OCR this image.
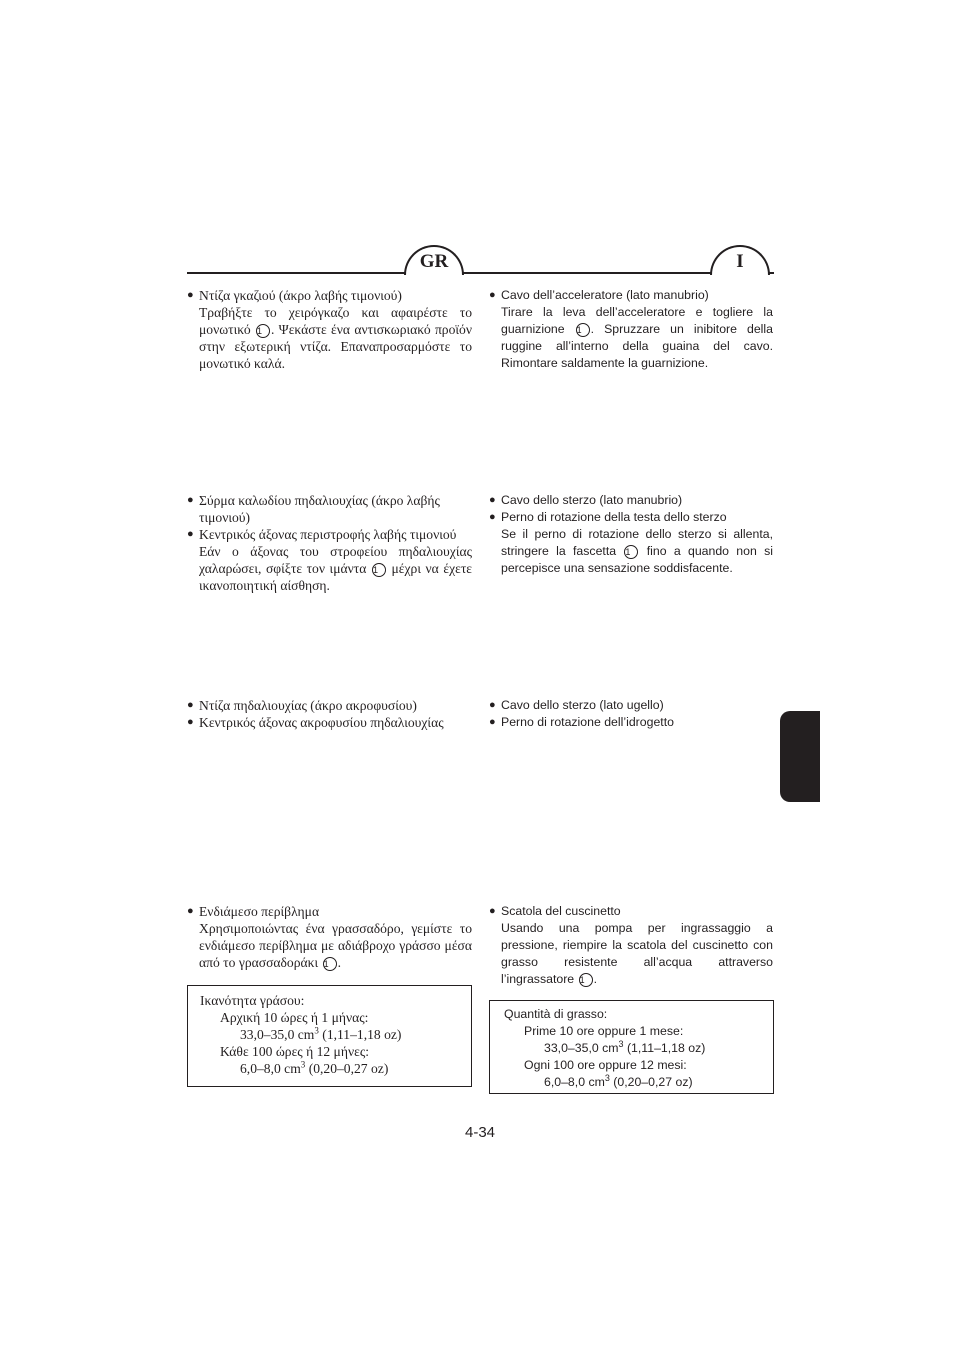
GR	I
● Ντίζα γκαζιού (άκρο λαβής τιμονιού)
Τραβήξτε το χειρόγκαζο και αφαιρέστε το μονωτικό 1 . Ψεκάστε ένα αντισκωριακό προϊόν στην εξωτερική ντίζα. Επαναπροσαρμόστε το μονωτικό καλά.
● Σύρμα καλωδίου πηδαλιουχίας (άκρο λαβής τιμονιού)
● Κεντρικός άξονας περιστροφής λαβής τιμονιού
Εάν ο άξονας του στροφείου πηδαλιουχίας χαλαρώσει, σφίξτε τον ιμάντα 1 μέχρι να έχετε ικανοποιητική αίσθηση.
● Ντίζα πηδαλιουχίας (άκρο ακροφυσίου)
● Κεντρικός άξονας ακροφυσίου πηδαλιουχίας
● Ενδιάμεσο περίβλημα
Χρησιμοποιώντας ένα γρασσαδόρο, γεμίστε το ενδιάμεσο περίβλημα με αδιάβροχο γράσσο μέσα από το γρασσαδοράκι 1 .
Ικανότητα γράσου:
Αρχική 10 ώρες ή 1 μήνας:
33,0–35,0 $cm^3$ (1,11–1,18 oz)
Κάθε 100 ώρες ή 12 μήνες:
6,0–8,0 $cm^3$ (0,20–0,27 oz)
● Cavo dell’acceleratore (lato manubrio)
Tirare la leva dell’acceleratore e togliere la guarnizione 1 . Spruzzare un inibitore della ruggine all’interno della guaina del cavo. Rimontare saldamente la guarnizione.
● Cavo dello sterzo (lato manubrio)
● Perno di rotazione della testa dello sterzo
Se il perno di rotazione dello sterzo si allenta, stringere la fascetta 1 fino a quando non si percepisce una sensazione soddisfacente.
● Cavo dello sterzo (lato ugello)
● Perno di rotazione dell’idrogetto
● Scatola del cuscinetto
Usando una pompa per ingrassaggio a pressione, riempire la scatola del cuscinetto con grasso resistente all’acqua attraverso l’ingrassatore 1 .
Quantità di grasso:
Prime 10 ore oppure 1 mese:
33,0–35,0 $cm^3$ (1,11–1,18 oz)
Ogni 100 ore oppure 12 mesi:
6,0–8,0 $cm^3$ (0,20–0,27 oz)
4-34
